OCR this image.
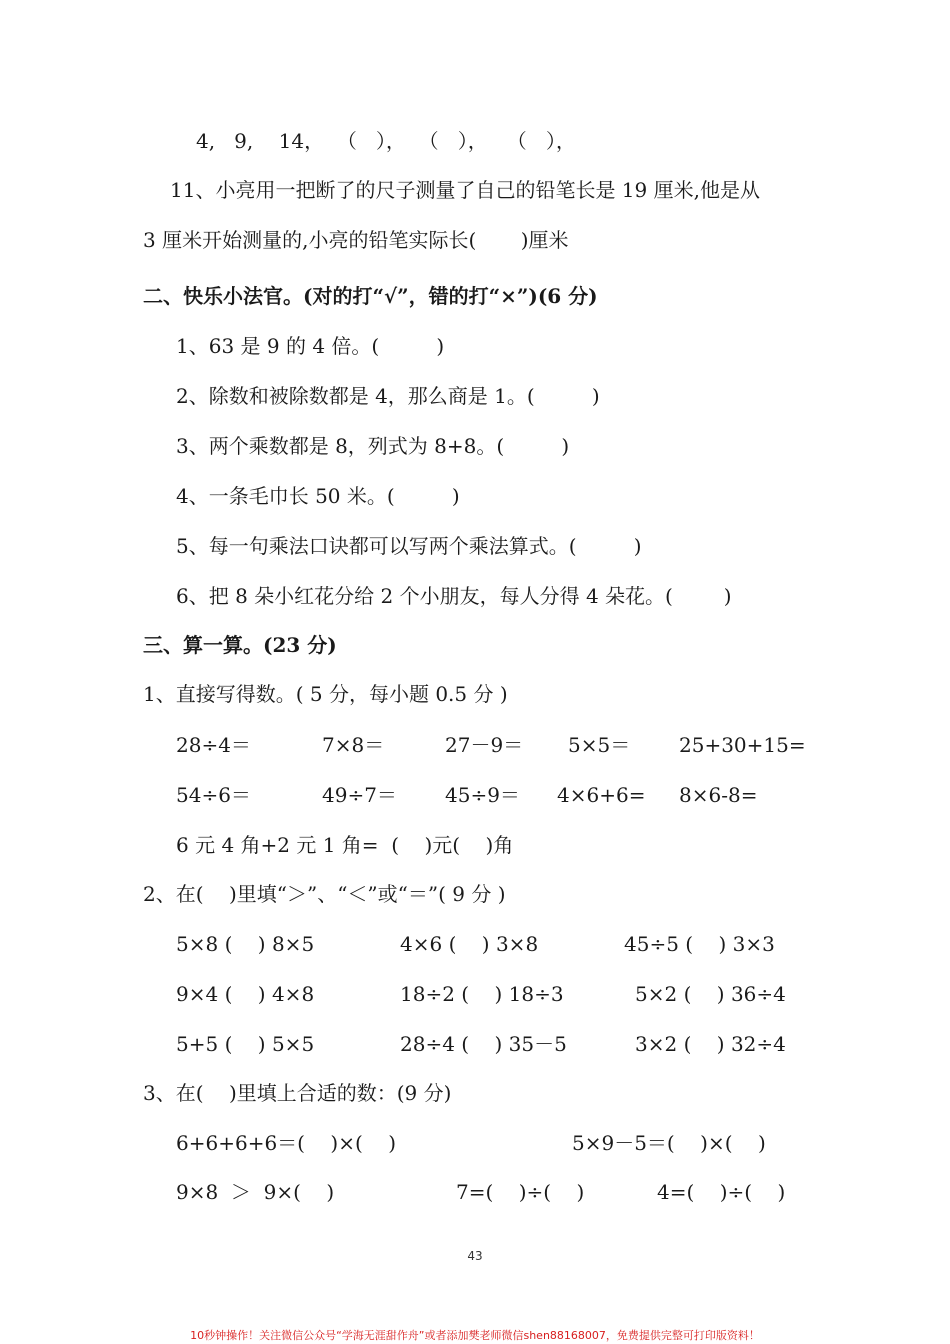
4,   9,    14，  （   ），  （   ），   （   ），
11、小亮用一把断了的尺子测量了自己的铅笔长是 19 厘米,他是从
3 厘米开始测量的,小亮的铅笔实际长(       )厘米
二、快乐小法官。(对的打“√”，错的打“×”)(6 分)
1、63 是 9 的 4 倍。(         )
2、除数和被除数都是 4，那么商是 1。(         )
3、两个乘数都是 8，列式为 8+8。(         )
4、一条毛巾长 50 米。(         )
5、每一句乘法口诀都可以写两个乘法算式。(         )
6、把 8 朵小红花分给 2 个小朋友，每人分得 4 朵花。(        )
三、算一算。(23 分)
1、直接写得数。( 5 分，每小题 0.5 分 )
28÷4＝	7×8＝	27－9＝ 5×5＝ 25+30+15=
54÷6＝	49÷7＝ 45÷9＝ 4×6+6= 8×6-8=
6 元 4 角+2 元 1 角=  (    )元(    )角
2、在(    )里填“＞”、“＜”或“＝”( 9 分 )
5×8 (    ) 8×5	4×6 (    ) 3×8	45÷5 (    ) 3×3
9×4 (    ) 4×8	18÷2 (    ) 18÷3	5×2 (    ) 36÷4
5+5 (    ) 5×5	28÷4 (    ) 35－5	3×2 (    ) 32÷4
3、在(    )里填上合适的数：(9 分)
6+6+6+6＝(    )×(    )	5×9－5＝(    )×(    )
9×8  ＞  9×(    )	7=(    )÷(    )	4=(    )÷(    )
43
10秒钟操作！关注微信公众号“学海无涯甜作舟”或者添加樊老师微信shen88168007，免费提供完整可打印版资料！
